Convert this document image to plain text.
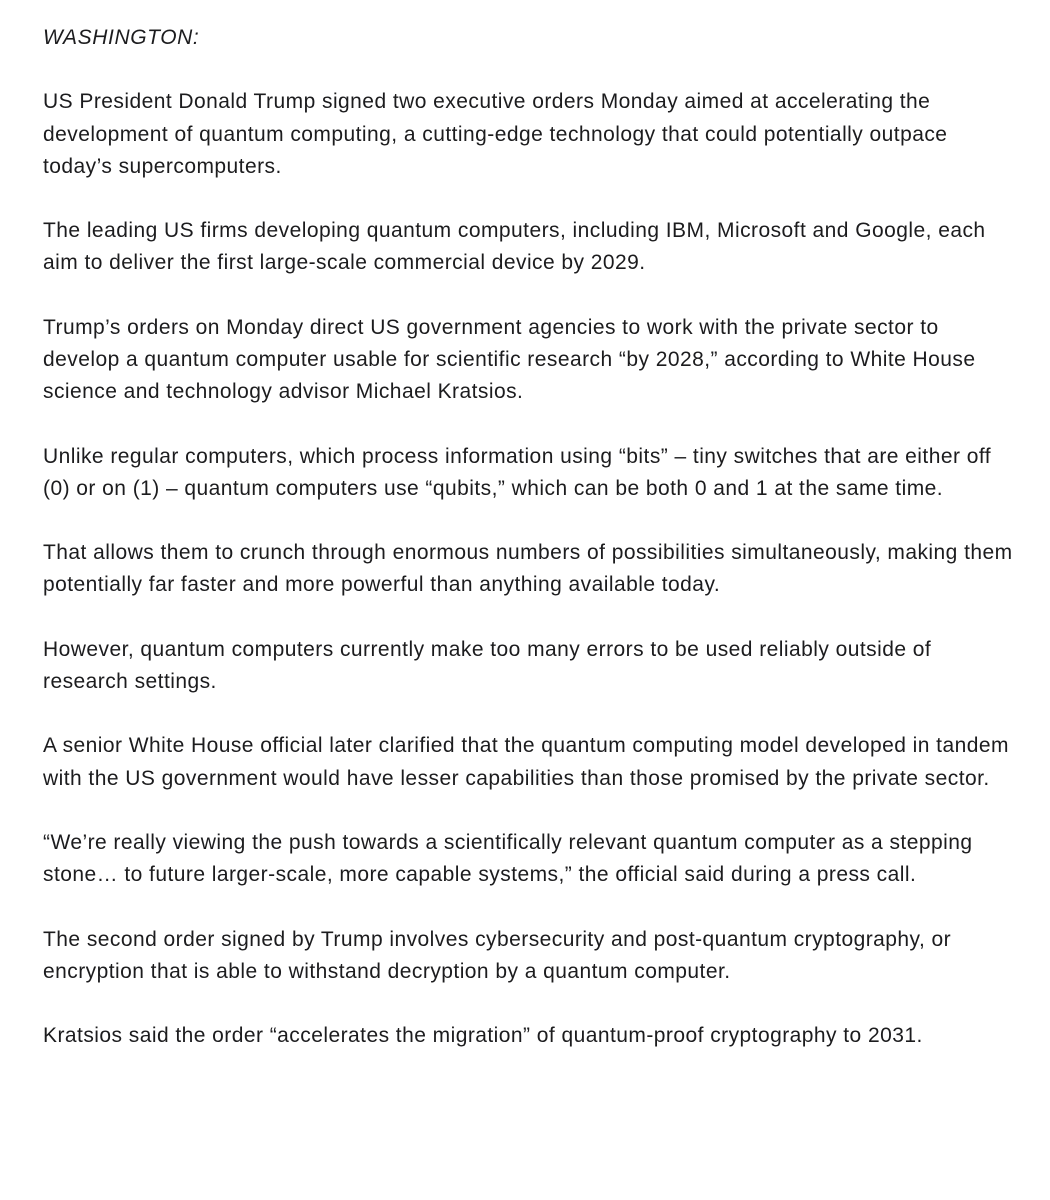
WASHINGTON:

US President Donald Trump signed two executive orders Monday aimed at accelerating the development of quantum computing, a cutting-edge technology that could potentially outpace today’s supercomputers.

The leading US firms developing quantum computers, including IBM, Microsoft and Google, each aim to deliver the first large-scale commercial device by 2029.

Trump’s orders on Monday direct US government agencies to work with the private sector to develop a quantum computer usable for scientific research “by 2028,” according to White House science and technology advisor Michael Kratsios.

Unlike regular computers, which process information using “bits” – tiny switches that are either off (0) or on (1) – quantum computers use “qubits,” which can be both 0 and 1 at the same time.

That allows them to crunch through enormous numbers of possibilities simultaneously, making them potentially far faster and more powerful than anything available today.

However, quantum computers currently make too many errors to be used reliably outside of research settings.

A senior White House official later clarified that the quantum computing model developed in tandem with the US government would have lesser capabilities than those promised by the private sector.

“We’re really viewing the push towards a scientifically relevant quantum computer as a stepping stone… to future larger-scale, more capable systems,” the official said during a press call.

The second order signed by Trump involves cybersecurity and post-quantum cryptography, or encryption that is able to withstand decryption by a quantum computer.

Kratsios said the order “accelerates the migration” of quantum-proof cryptography to 2031.
